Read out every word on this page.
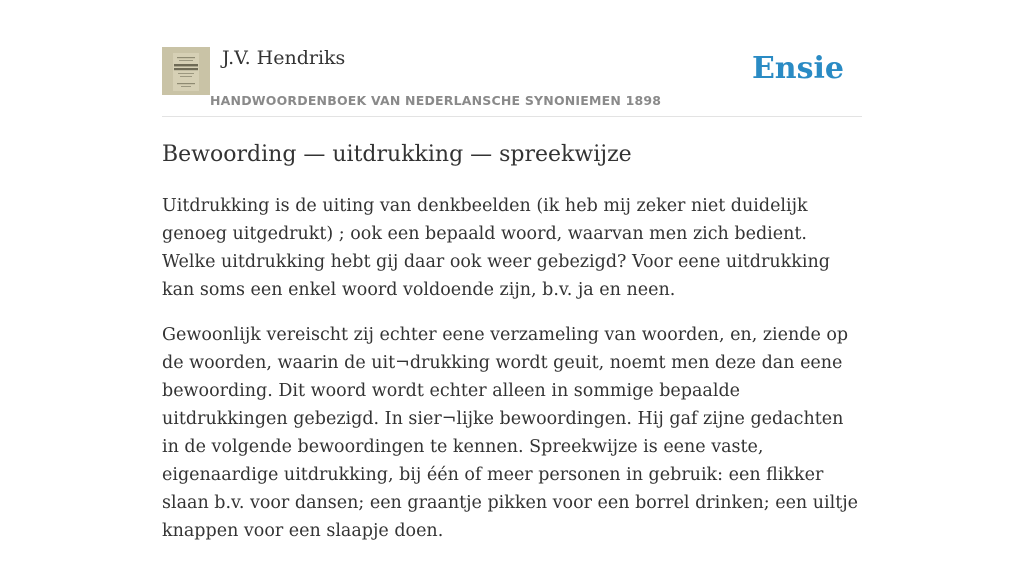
J.V. Hendriks
HANDWOORDENBOEK VAN NEDERLANSCHE SYNONIEMEN 1898
Ensie
Bewoording — uitdrukking — spreekwijze

Uitdrukking is de uiting van denkbeelden (ik heb mij zeker niet duidelijk genoeg uitgedrukt) ; ook een bepaald woord, waarvan men zich bedient. Welke uitdrukking hebt gij daar ook weer gebezigd? Voor eene uitdrukking kan soms een enkel woord voldoende zijn, b.v. ja en neen.

Gewoonlijk vereischt zij echter eene verzameling van woorden, en, ziende op de woorden, waarin de uit¬drukking wordt geuit, noemt men deze dan eene bewoording. Dit woord wordt echter alleen in sommige bepaalde uitdrukkingen gebezigd. In sier¬lijke bewoordingen. Hij gaf zijne gedachten in de volgende bewoordingen te kennen. Spreekwijze is eene vaste, eigenaardige uitdrukking, bij één of meer personen in gebruik: een flikker slaan b.v. voor dansen; een graantje pikken voor een borrel drinken; een uiltje knappen voor een slaapje doen.
